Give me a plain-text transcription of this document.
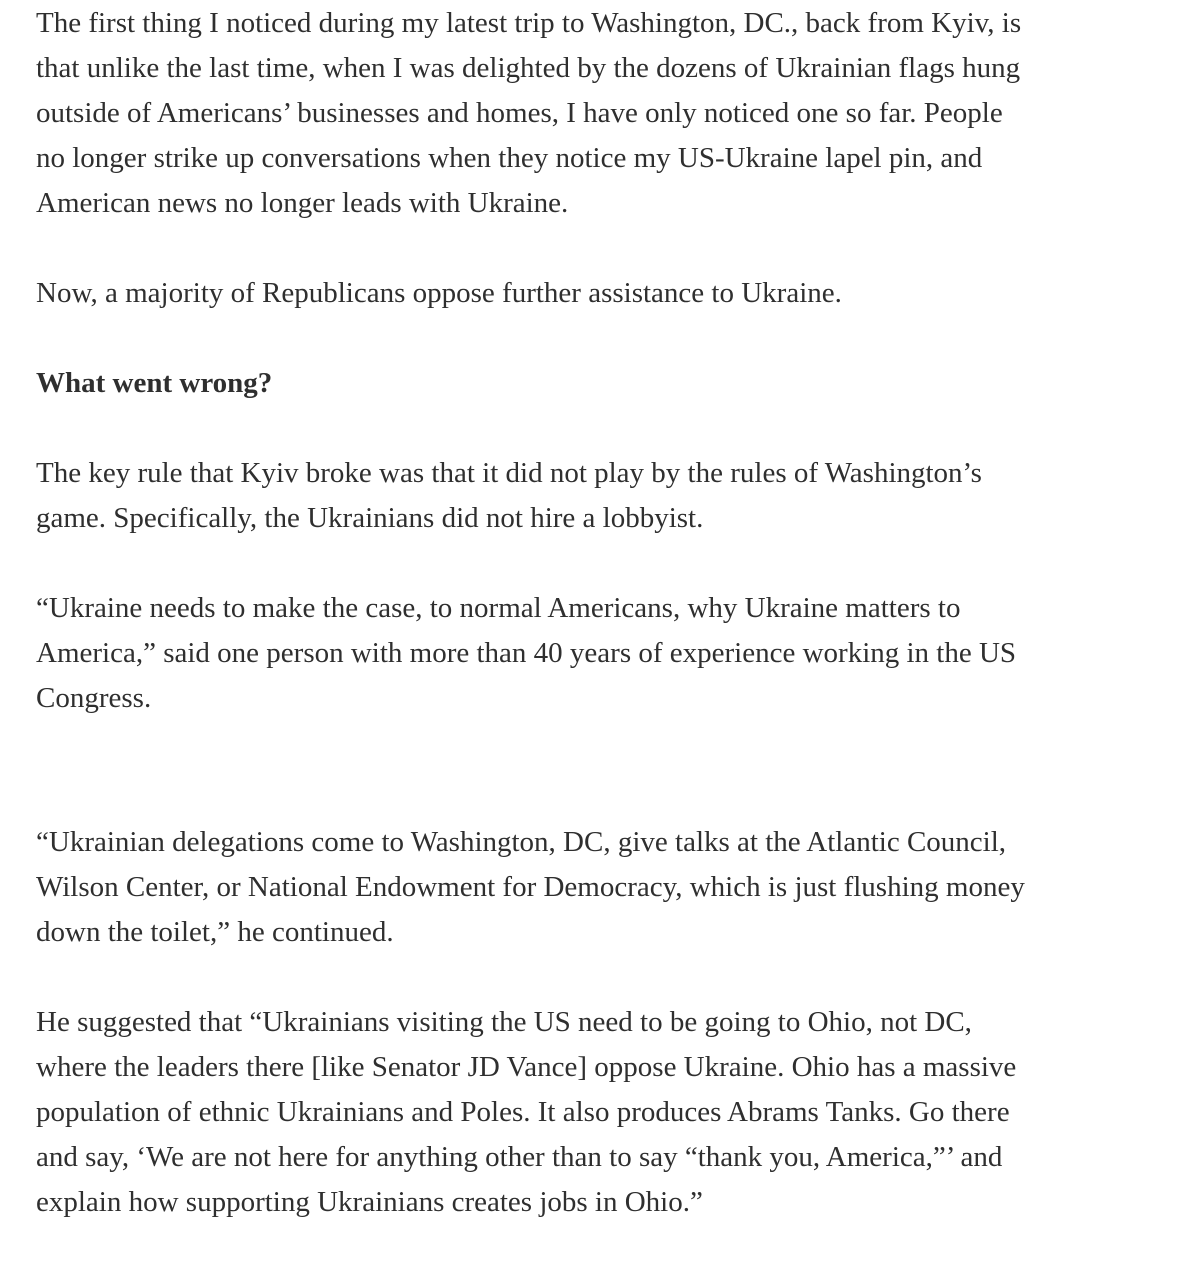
The first thing I noticed during my latest trip to Washington, DC., back from Kyiv, is
that unlike the last time, when I was delighted by the dozens of Ukrainian flags hung
outside of Americans’ businesses and homes, I have only noticed one so far. People
no longer strike up conversations when they notice my US-Ukraine lapel pin, and
American news no longer leads with Ukraine.

Now, a majority of Republicans oppose further assistance to Ukraine.

What went wrong?

The key rule that Kyiv broke was that it did not play by the rules of Washington’s
game. Specifically, the Ukrainians did not hire a lobbyist.

“Ukraine needs to make the case, to normal Americans, why Ukraine matters to
America,” said one person with more than 40 years of experience working in the US
Congress.

“Ukrainian delegations come to Washington, DC, give talks at the Atlantic Council,
Wilson Center, or National Endowment for Democracy, which is just flushing money
down the toilet,” he continued.

He suggested that “Ukrainians visiting the US need to be going to Ohio, not DC,
where the leaders there [like Senator JD Vance] oppose Ukraine. Ohio has a massive
population of ethnic Ukrainians and Poles. It also produces Abrams Tanks. Go there
and say, ‘We are not here for anything other than to say “thank you, America,”’ and
explain how supporting Ukrainians creates jobs in Ohio.”
